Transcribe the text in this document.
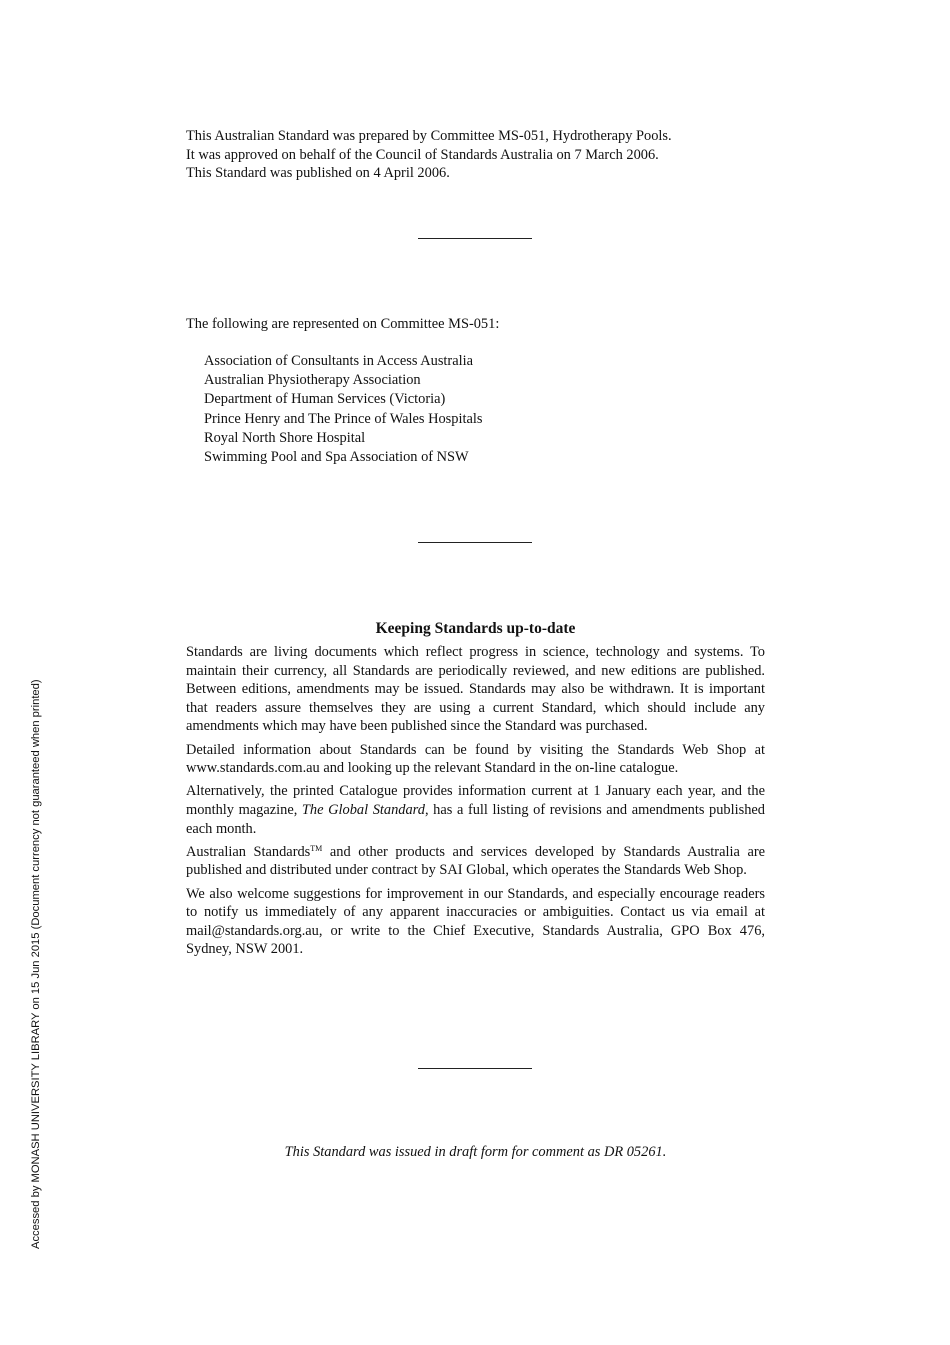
Accessed by MONASH UNIVERSITY LIBRARY on 15 Jun 2015 (Document currency not guaranteed when printed)

This Australian Standard was prepared by Committee MS-051, Hydrotherapy Pools.

It was approved on behalf of the Council of Standards Australia on 7 March 2006.

This Standard was published on 4 April 2006.

The following are represented on Committee MS-051:

Association of Consultants in Access Australia
Australian Physiotherapy Association
Department of Human Services (Victoria)
Prince Henry and The Prince of Wales Hospitals
Royal North Shore Hospital
Swimming Pool and Spa Association of NSW
Keeping Standards up-to-date

Standards are living documents which reflect progress in science, technology and systems. To maintain their currency, all Standards are periodically reviewed, and new editions are published. Between editions, amendments may be issued. Standards may also be withdrawn. It is important that readers assure themselves they are using a current Standard, which should include any amendments which may have been published since the Standard was purchased.

Detailed information about Standards can be found by visiting the Standards Web Shop at www.standards.com.au and looking up the relevant Standard in the on-line catalogue.

Alternatively, the printed Catalogue provides information current at 1 January each year, and the monthly magazine, The Global Standard, has a full listing of revisions and amendments published each month.

Australian Standards™ and other products and services developed by Standards Australia are published and distributed under contract by SAI Global, which operates the Standards Web Shop.

We also welcome suggestions for improvement in our Standards, and especially encourage readers to notify us immediately of any apparent inaccuracies or ambiguities. Contact us via email at mail@standards.org.au, or write to the Chief Executive, Standards Australia, GPO Box 476, Sydney, NSW 2001.

This Standard was issued in draft form for comment as DR 05261.
